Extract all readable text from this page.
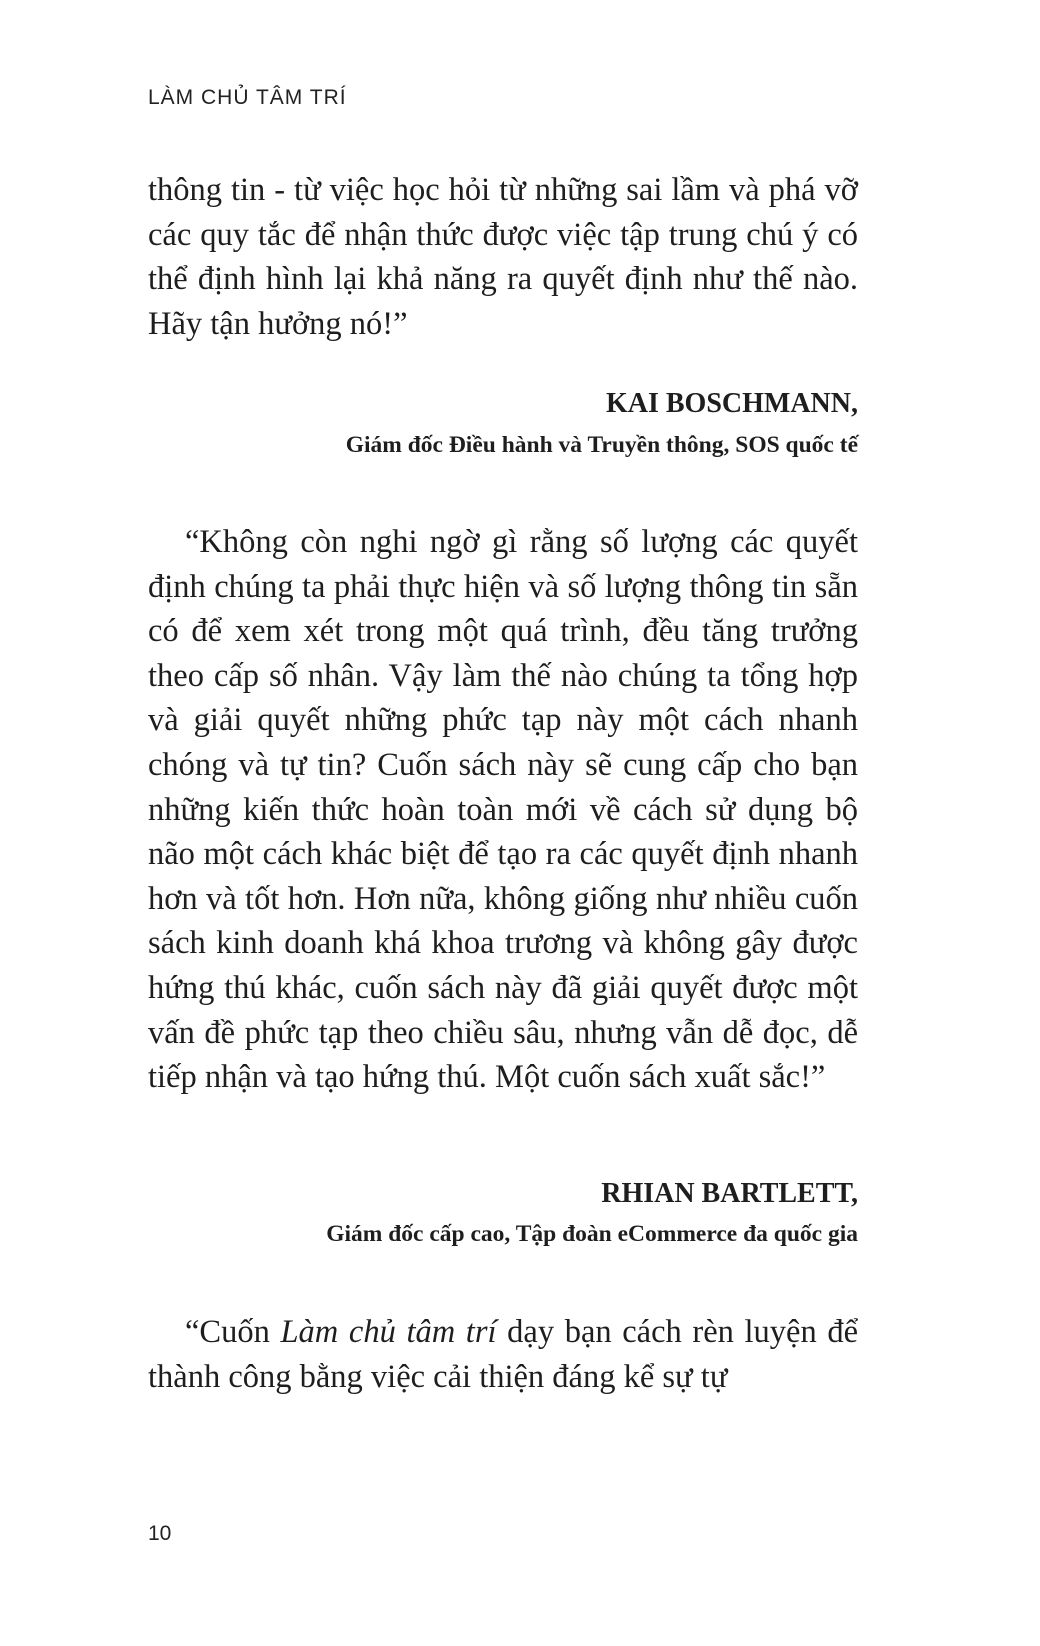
LÀM CHỦ TÂM TRÍ

thông tin - từ việc học hỏi từ những sai lầm và phá vỡ các quy tắc để nhận thức được việc tập trung chú ý có thể định hình lại khả năng ra quyết định như thế nào. Hãy tận hưởng nó!”

KAI BOSCHMANN,
Giám đốc Điều hành và Truyền thông, SOS quốc tế

“Không còn nghi ngờ gì rằng số lượng các quyết định chúng ta phải thực hiện và số lượng thông tin sẵn có để xem xét trong một quá trình, đều tăng trưởng theo cấp số nhân. Vậy làm thế nào chúng ta tổng hợp và giải quyết những phức tạp này một cách nhanh chóng và tự tin? Cuốn sách này sẽ cung cấp cho bạn những kiến thức hoàn toàn mới về cách sử dụng bộ não một cách khác biệt để tạo ra các quyết định nhanh hơn và tốt hơn. Hơn nữa, không giống như nhiều cuốn sách kinh doanh khá khoa trương và không gây được hứng thú khác, cuốn sách này đã giải quyết được một vấn đề phức tạp theo chiều sâu, nhưng vẫn dễ đọc, dễ tiếp nhận và tạo hứng thú. Một cuốn sách xuất sắc!”

RHIAN BARTLETT,
Giám đốc cấp cao, Tập đoàn eCommerce đa quốc gia

“Cuốn Làm chủ tâm trí dạy bạn cách rèn luyện để thành công bằng việc cải thiện đáng kể sự tự

10
